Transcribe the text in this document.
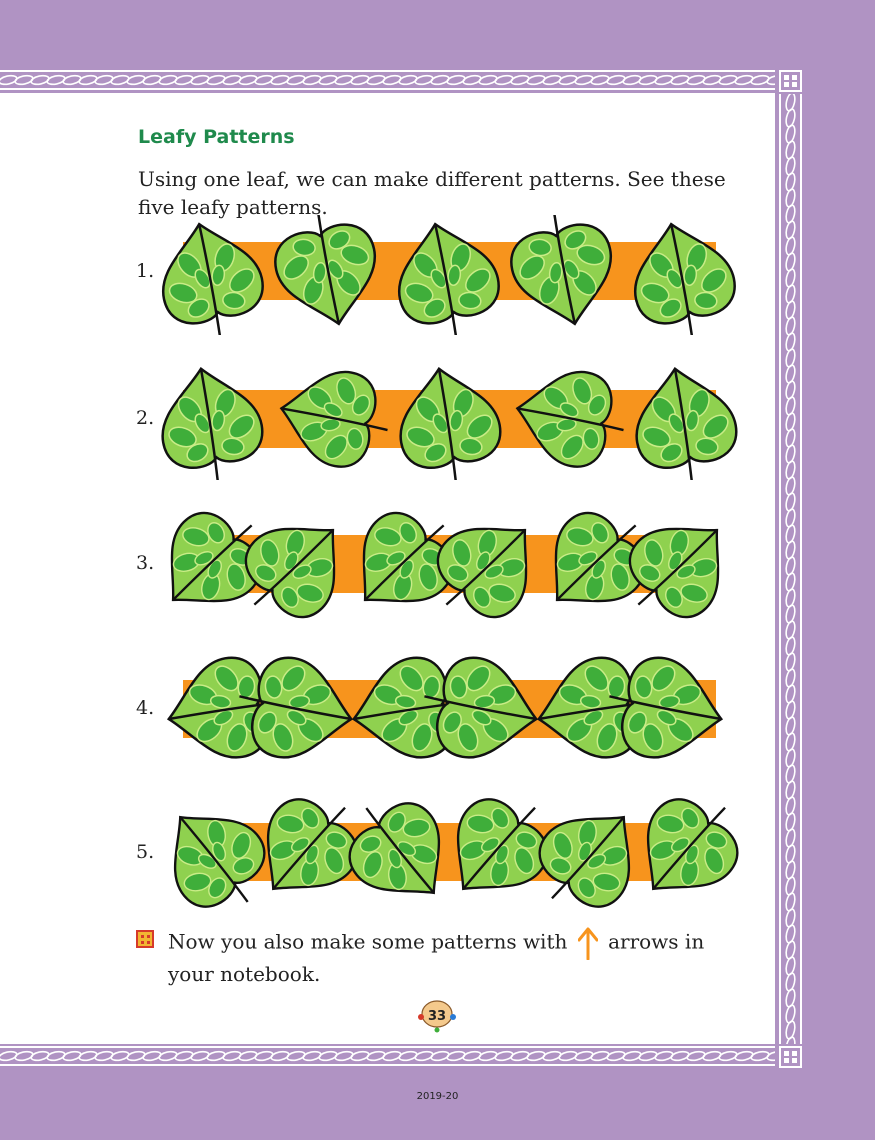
Leafy Patterns

Using one leaf, we can make different patterns. See these five leafy patterns.

1.
2.
3.
4.
5.
Now you also make some patterns with arrows in your notebook.
33
2019-20
